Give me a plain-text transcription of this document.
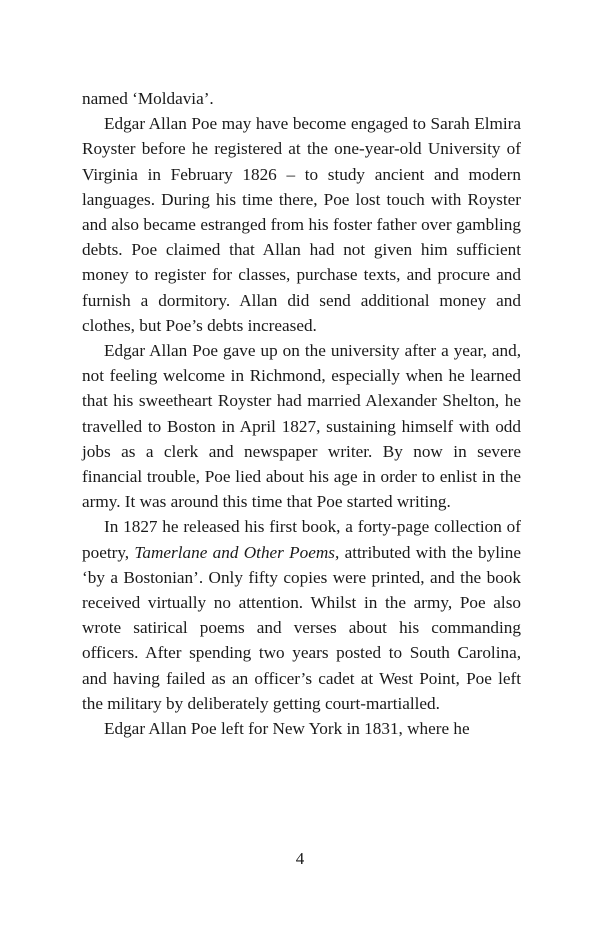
named ‘Moldavia’.

Edgar Allan Poe may have become engaged to Sarah Elmira Royster before he registered at the one-year-old University of Virginia in February 1826 – to study ancient and modern languages. During his time there, Poe lost touch with Royster and also became estranged from his foster father over gambling debts. Poe claimed that Allan had not given him sufficient money to register for classes, purchase texts, and procure and furnish a dormitory. Allan did send additional money and clothes, but Poe’s debts increased.

Edgar Allan Poe gave up on the university after a year, and, not feeling welcome in Richmond, especially when he learned that his sweetheart Royster had married Alexander Shelton, he travelled to Boston in April 1827, sustaining himself with odd jobs as a clerk and newspaper writer. By now in severe financial trouble, Poe lied about his age in order to enlist in the army. It was around this time that Poe started writing.

In 1827 he released his first book, a forty-page collection of poetry, Tamerlane and Other Poems, attributed with the byline ‘by a Bostonian’. Only fifty copies were printed, and the book received virtually no attention. Whilst in the army, Poe also wrote satirical poems and verses about his commanding officers. After spending two years posted to South Carolina, and having failed as an officer’s cadet at West Point, Poe left the military by deliberately getting court-martialled.

Edgar Allan Poe left for New York in 1831, where he

4
